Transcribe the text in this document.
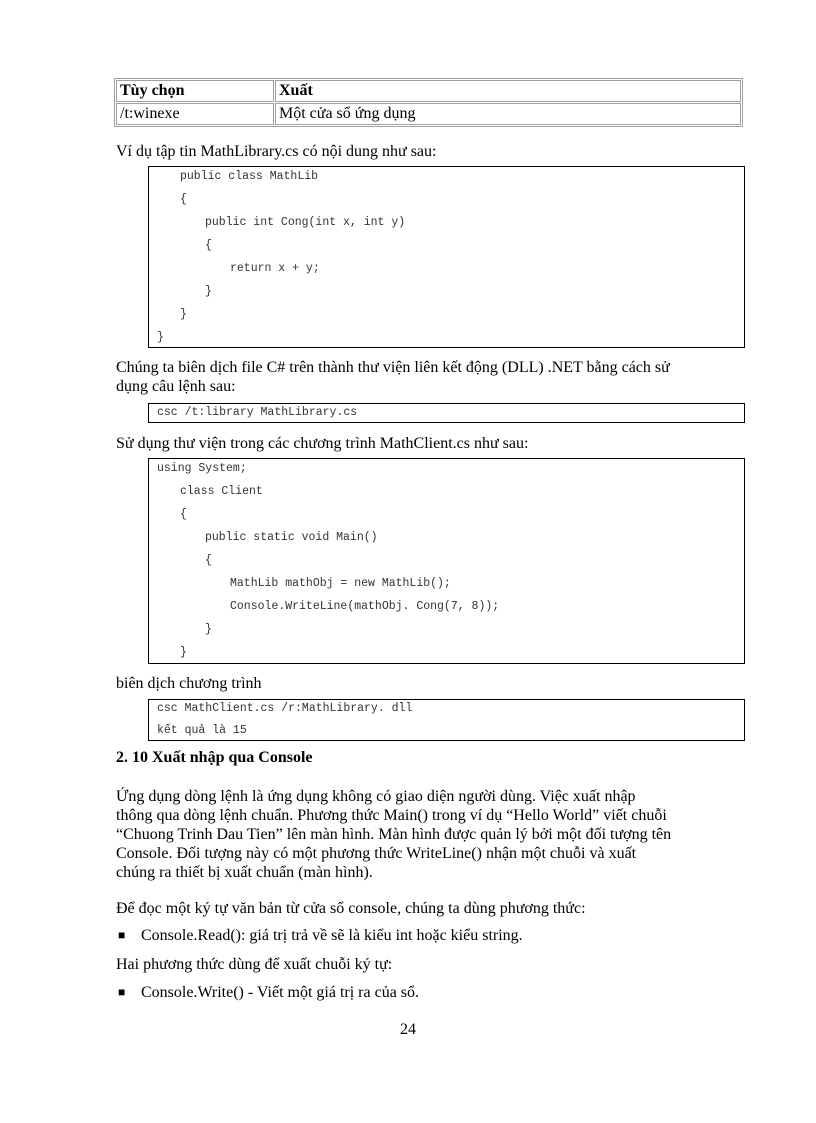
Tùy chọn	Xuất
/t:winexe	Một cửa sổ ứng dụng
Ví dụ tập tin MathLibrary.cs có nội dung như sau:
public class MathLib
{
public int Cong(int x, int y)
{
return x + y;
}
}
}
Chúng ta biên dịch file C# trên thành thư viện liên kết động (DLL) .NET bằng cách sử
dụng câu lệnh sau:
csc /t:library MathLibrary.cs
Sử dụng thư viện trong các chương trình MathClient.cs như sau:
using System;
class Client
{
public static void Main()
{
MathLib mathObj = new MathLib();
Console.WriteLine(mathObj. Cong(7, 8));
}
}
biên dịch chương trình
csc MathClient.cs /r:MathLibrary. dll
kết quả là 15
2. 10 Xuất nhập qua Console
Ứng dụng dòng lệnh là ứng dụng không có giao diện người dùng. Việc xuất nhập
thông qua dòng lệnh chuẩn. Phương thức Main() trong ví dụ “Hello World” viết chuỗi
“Chuong Trinh Dau Tien” lên màn hình. Màn hình được quản lý bởi một đối tượng tên
Console. Đối tượng này có một phương thức WriteLine() nhận một chuỗi và xuất
chúng ra thiết bị xuất chuẩn (màn hình).
Để đọc một ký tự văn bản từ cửa sổ console, chúng ta dùng phương thức:
■ Console.Read(): giá trị trả về sẽ là kiểu int hoặc kiểu string.
Hai phương thức dùng để xuất chuỗi ký tự:
■ Console.Write() - Viết một giá trị ra của sổ.
24
